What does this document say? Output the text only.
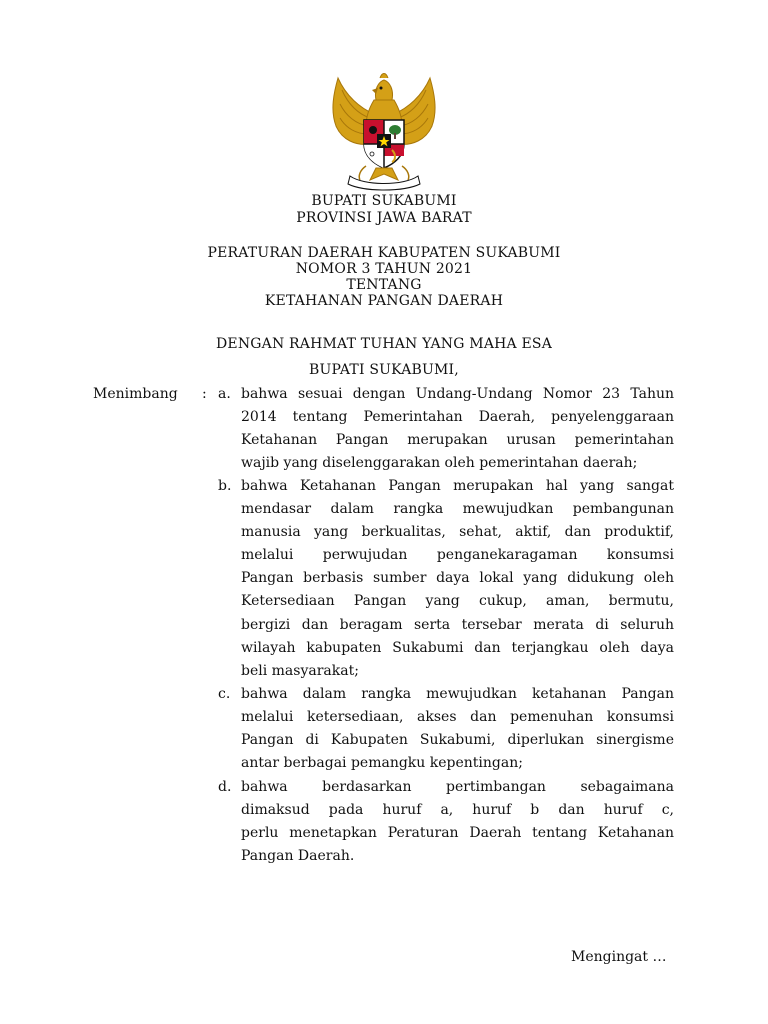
BUPATI SUKABUMI
PROVINSI JAWA BARAT
PERATURAN DAERAH KABUPATEN SUKABUMI
NOMOR 3 TAHUN 2021
TENTANG
KETAHANAN PANGAN DAERAH
DENGAN RAHMAT TUHAN YANG MAHA ESA
BUPATI SUKABUMI,
Menimbang : a. bahwa sesuai dengan Undang-Undang Nomor 23 Tahun
2014 tentang Pemerintahan Daerah, penyelenggaraan
Ketahanan Pangan merupakan urusan pemerintahan
wajib yang diselenggarakan oleh pemerintahan daerah;
b. bahwa Ketahanan Pangan merupakan hal yang sangat
mendasar dalam rangka mewujudkan pembangunan
manusia yang berkualitas, sehat, aktif, dan produktif,
melalui perwujudan penganekaragaman konsumsi
Pangan berbasis sumber daya lokal yang didukung oleh
Ketersediaan Pangan yang cukup, aman, bermutu,
bergizi dan beragam serta tersebar merata di seluruh
wilayah kabupaten Sukabumi dan terjangkau oleh daya
beli masyarakat;
c. bahwa dalam rangka mewujudkan ketahanan Pangan
melalui ketersediaan, akses dan pemenuhan konsumsi
Pangan di Kabupaten Sukabumi, diperlukan sinergisme
antar berbagai pemangku kepentingan;
d. bahwa berdasarkan pertimbangan sebagaimana
dimaksud pada huruf a, huruf b dan huruf c,
perlu menetapkan Peraturan Daerah tentang Ketahanan
Pangan Daerah.
Mengingat …
